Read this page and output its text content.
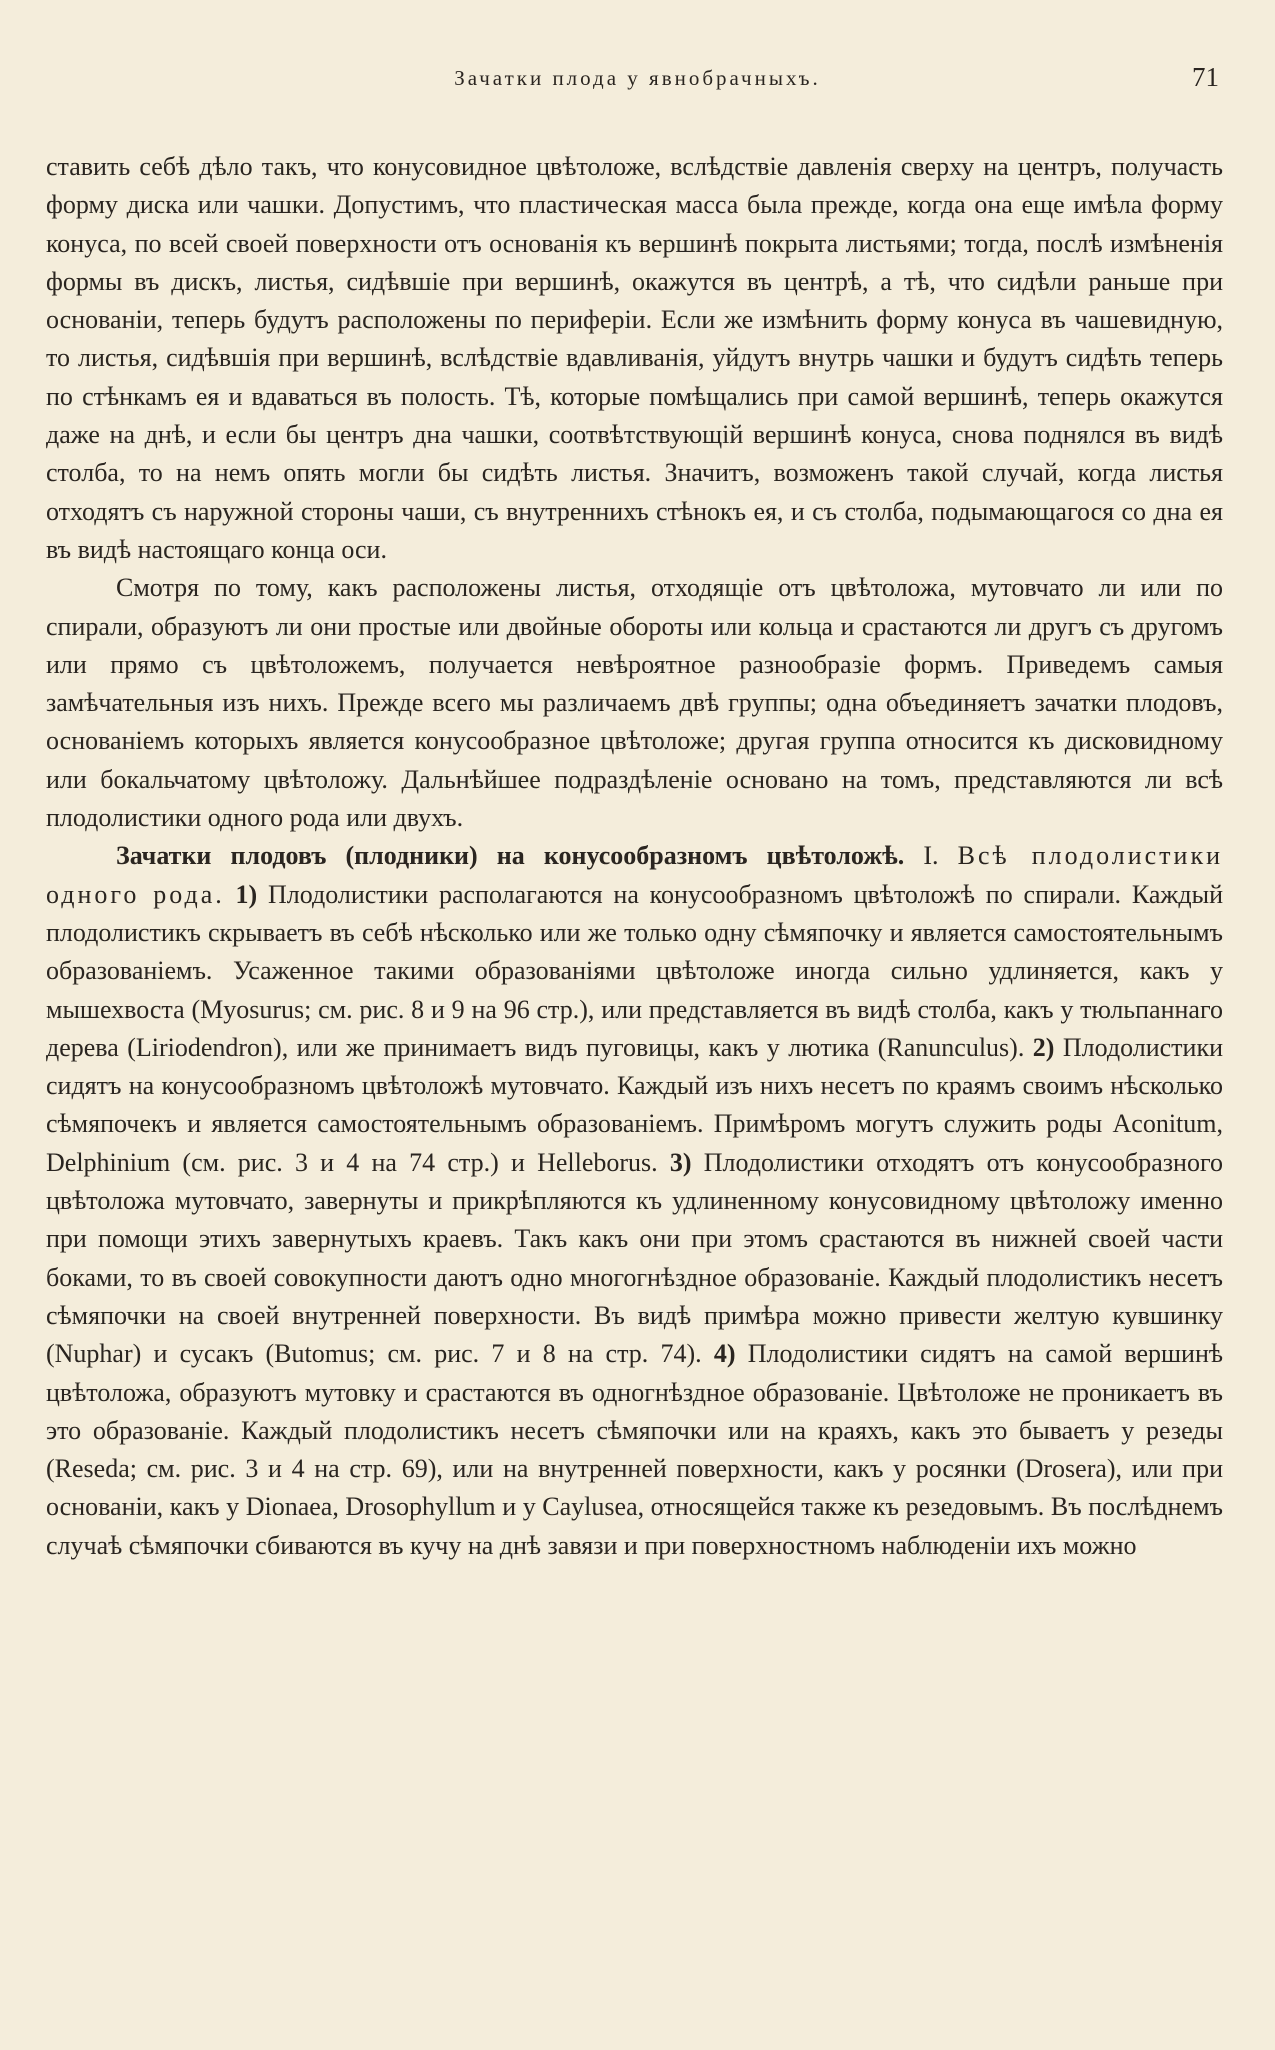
Зачатки плода у явнобрачныхъ.	71

ставить себѣ дѣло такъ, что конусовидное цвѣтоложе, вслѣдствіе давленія сверху на центръ, получасть форму диска или чашки. Допустимъ, что пластическая масса была прежде, когда она еще имѣла форму конуса, по всей своей поверхности отъ основанія къ вершинѣ покрыта листьями; тогда, послѣ измѣненія формы въ дискъ, листья, сидѣвшіе при вершинѣ, окажутся въ центрѣ, а тѣ, что сидѣли раньше при основаніи, теперь будутъ расположены по периферіи. Если же измѣнить форму конуса въ чашевидную, то листья, сидѣвшія при вершинѣ, вслѣдствіе вдавливанія, уйдутъ внутрь чашки и будутъ сидѣть теперь по стѣнкамъ ея и вдаваться въ полость. Тѣ, которые помѣщались при самой вершинѣ, теперь окажутся даже на днѣ, и если бы центръ дна чашки, соотвѣтствующій вершинѣ конуса, снова поднялся въ видѣ столба, то на немъ опять могли бы сидѣть листья. Значитъ, возможенъ такой случай, когда листья отходятъ съ наружной стороны чаши, съ внутреннихъ стѣнокъ ея, и съ столба, подымающагося со дна ея въ видѣ настоящаго конца оси.

Смотря по тому, какъ расположены листья, отходящіе отъ цвѣтоложа, мутовчато ли или по спирали, образуютъ ли они простые или двойные обороты или кольца и срастаются ли другъ съ другомъ или прямо съ цвѣтоложемъ, получается невѣроятное разнообразіе формъ. Приведемъ самыя замѣчательныя изъ нихъ. Прежде всего мы различаемъ двѣ группы; одна объединяетъ зачатки плодовъ, основаніемъ которыхъ является конусообразное цвѣтоложе; другая группа относится къ дисковидному или бокальчатому цвѣтоложу. Дальнѣйшее подраздѣленіе основано на томъ, представляются ли всѣ плодолистики одного рода или двухъ.

Зачатки плодовъ (плодники) на конусообразномъ цвѣтоложѣ. I. Всѣ плодолистики одного рода. 1) Плодолистики располагаются на конусообразномъ цвѣтоложѣ по спирали. Каждый плодолистикъ скрываетъ въ себѣ нѣсколько или же только одну сѣмяпочку и является самостоятельнымъ образованіемъ. Усаженное такими образованіями цвѣтоложе иногда сильно удлиняется, какъ у мышехвоста (Myosurus; см. рис. 8 и 9 на 96 стр.), или представляется въ видѣ столба, какъ у тюльпаннаго дерева (Liriodendron), или же принимаетъ видъ пуговицы, какъ у лютика (Ranunculus). 2) Плодолистики сидятъ на конусообразномъ цвѣтоложѣ мутовчато. Каждый изъ нихъ несетъ по краямъ своимъ нѣсколько сѣмяпочекъ и является самостоятельнымъ образованіемъ. Примѣромъ могутъ служить роды Aconitum, Delphinium (см. рис. 3 и 4 на 74 стр.) и Helleborus. 3) Плодолистики отходятъ отъ конусообразного цвѣтоложа мутовчато, завернуты и прикрѣпляются къ удлиненному конусовидному цвѣтоложу именно при помощи этихъ завернутыхъ краевъ. Такъ какъ они при этомъ срастаются въ нижней своей части боками, то въ своей совокупности даютъ одно многогнѣздное образованіе. Каждый плодолистикъ несетъ сѣмяпочки на своей внутренней поверхности. Въ видѣ примѣра можно привести желтую кувшинку (Nuphar) и сусакъ (Butomus; см. рис. 7 и 8 на стр. 74). 4) Плодолистики сидятъ на самой вершинѣ цвѣтоложа, образуютъ мутовку и срастаются въ одногнѣздное образованіе. Цвѣтоложе не проникаетъ въ это образованіе. Каждый плодолистикъ несетъ сѣмяпочки или на краяхъ, какъ это бываетъ у резеды (Reseda; см. рис. 3 и 4 на стр. 69), или на внутренней поверхности, какъ у росянки (Drosera), или при основаніи, какъ у Dionaea, Drosophyllum и у Caylusea, относящейся также къ резедовымъ. Въ послѣднемъ случаѣ сѣмяпочки сбиваются въ кучу на днѣ завязи и при поверхностномъ наблюденіи ихъ можно
